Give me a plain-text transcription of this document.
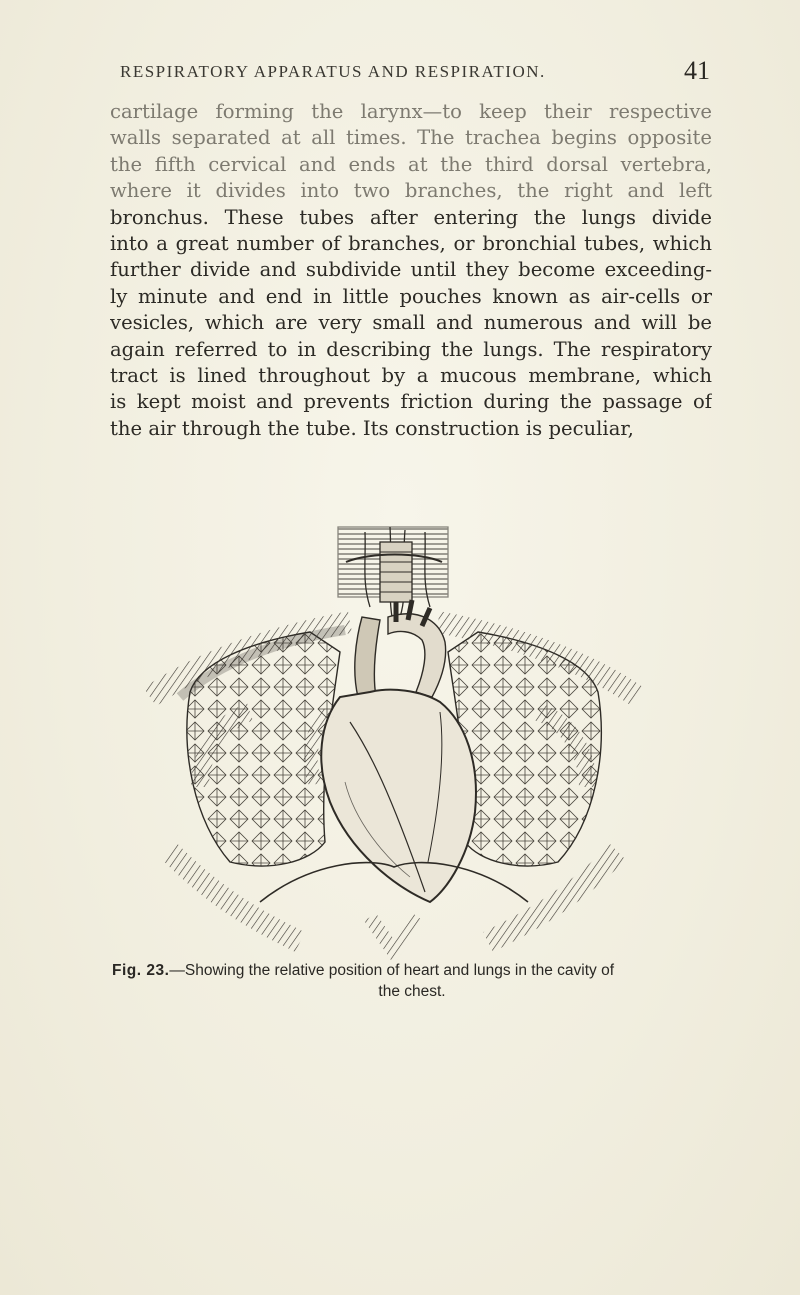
RESPIRATORY APPARATUS AND RESPIRATION.	41
cartilage forming the larynx—to keep their respective
walls separated at all times. The trachea begins opposite
the fifth cervical and ends at the third dorsal vertebra,
where it divides into two branches, the right and left
bronchus. These tubes after entering the lungs divide
into a great number of branches, or bronchial tubes, which
further divide and subdivide until they become exceeding-
ly minute and end in little pouches known as air-cells or
vesicles, which are very small and numerous and will be
again referred to in describing the lungs. The respiratory
tract is lined throughout by a mucous membrane, which
is kept moist and prevents friction during the passage of
the air through the tube. Its construction is peculiar,
Fig. 23.—Showing the relative position of heart and lungs in the cavity of
the chest.
